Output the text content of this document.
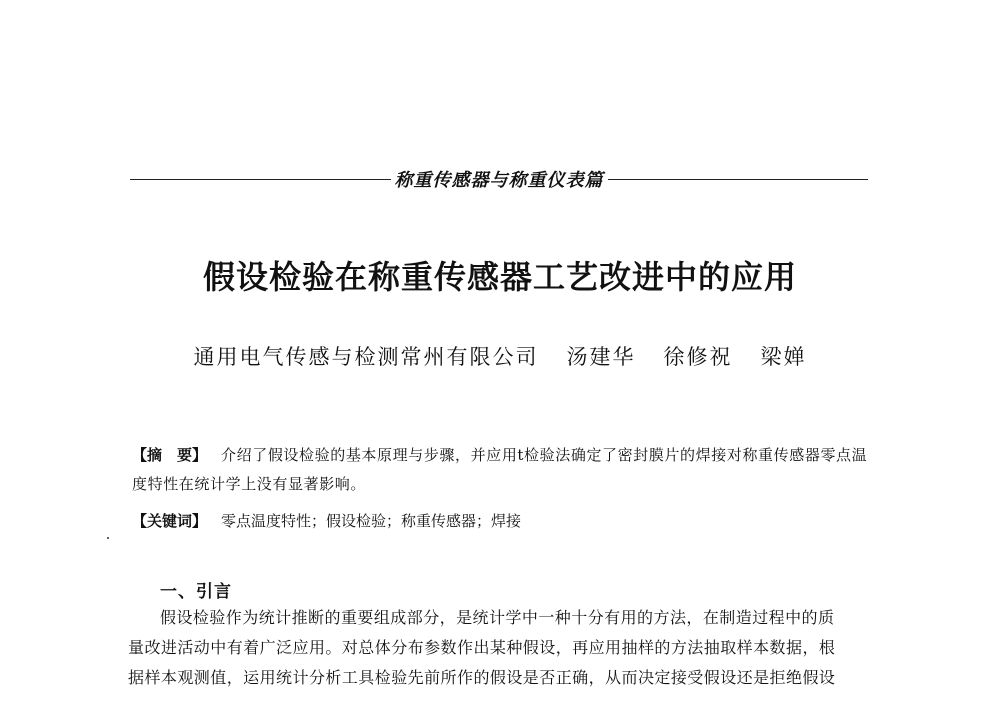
称重传感器与称重仪表篇
假设检验在称重传感器工艺改进中的应用
通用电气传感与检测常州有限公司 汤建华 徐修祝 梁婵
【摘　要】 介绍了假设检验的基本原理与步骤，并应用t检验法确定了密封膜片的焊接对称重传感器零点温度特性在统计学上没有显著影响。
【关键词】 零点温度特性；假设检验；称重传感器；焊接
一、引言
假设检验作为统计推断的重要组成部分，是统计学中一种十分有用的方法，在制造过程中的质
量改进活动中有着广泛应用。对总体分布参数作出某种假设，再应用抽样的方法抽取样本数据，根
据样本观测值，运用统计分析工具检验先前所作的假设是否正确，从而决定接受假设还是拒绝假设
